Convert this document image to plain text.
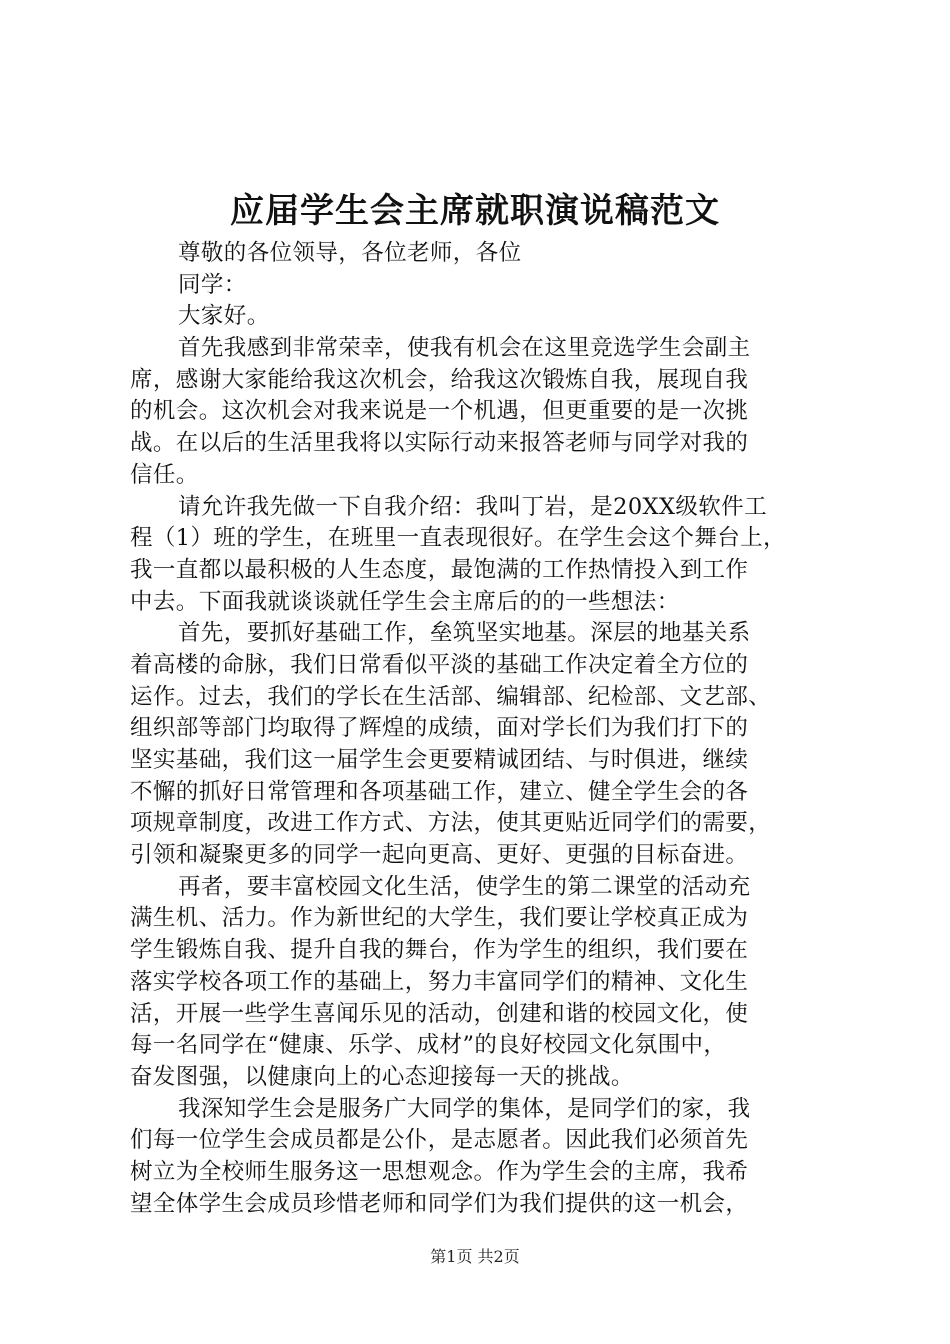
应届学生会主席就职演说稿范文
尊敬的各位领导，各位老师，各位
同学：
大家好。
首先我感到非常荣幸，使我有机会在这里竞选学生会副主
席，感谢大家能给我这次机会，给我这次锻炼自我，展现自我
的机会。这次机会对我来说是一个机遇，但更重要的是一次挑
战。在以后的生活里我将以实际行动来报答老师与同学对我的
信任。
请允许我先做一下自我介绍：我叫丁岩，是20XX级软件工
程（1）班的学生，在班里一直表现很好。在学生会这个舞台上，
我一直都以最积极的人生态度，最饱满的工作热情投入到工作
中去。下面我就谈谈就任学生会主席后的的一些想法：
首先，要抓好基础工作，垒筑坚实地基。深层的地基关系
着高楼的命脉，我们日常看似平淡的基础工作决定着全方位的
运作。过去，我们的学长在生活部、编辑部、纪检部、文艺部、
组织部等部门均取得了辉煌的成绩，面对学长们为我们打下的
坚实基础，我们这一届学生会更要精诚团结、与时俱进，继续
不懈的抓好日常管理和各项基础工作，建立、健全学生会的各
项规章制度，改进工作方式、方法，使其更贴近同学们的需要，
引领和凝聚更多的同学一起向更高、更好、更强的目标奋进。
再者，要丰富校园文化生活，使学生的第二课堂的活动充
满生机、活力。作为新世纪的大学生，我们要让学校真正成为
学生锻炼自我、提升自我的舞台，作为学生的组织，我们要在
落实学校各项工作的基础上，努力丰富同学们的精神、文化生
活，开展一些学生喜闻乐见的活动，创建和谐的校园文化，使
每一名同学在“健康、乐学、成材”的良好校园文化氛围中，
奋发图强，以健康向上的心态迎接每一天的挑战。
我深知学生会是服务广大同学的集体，是同学们的家，我
们每一位学生会成员都是公仆，是志愿者。因此我们必须首先
树立为全校师生服务这一思想观念。作为学生会的主席，我希
望全体学生会成员珍惜老师和同学们为我们提供的这一机会，
第1页 共2页
